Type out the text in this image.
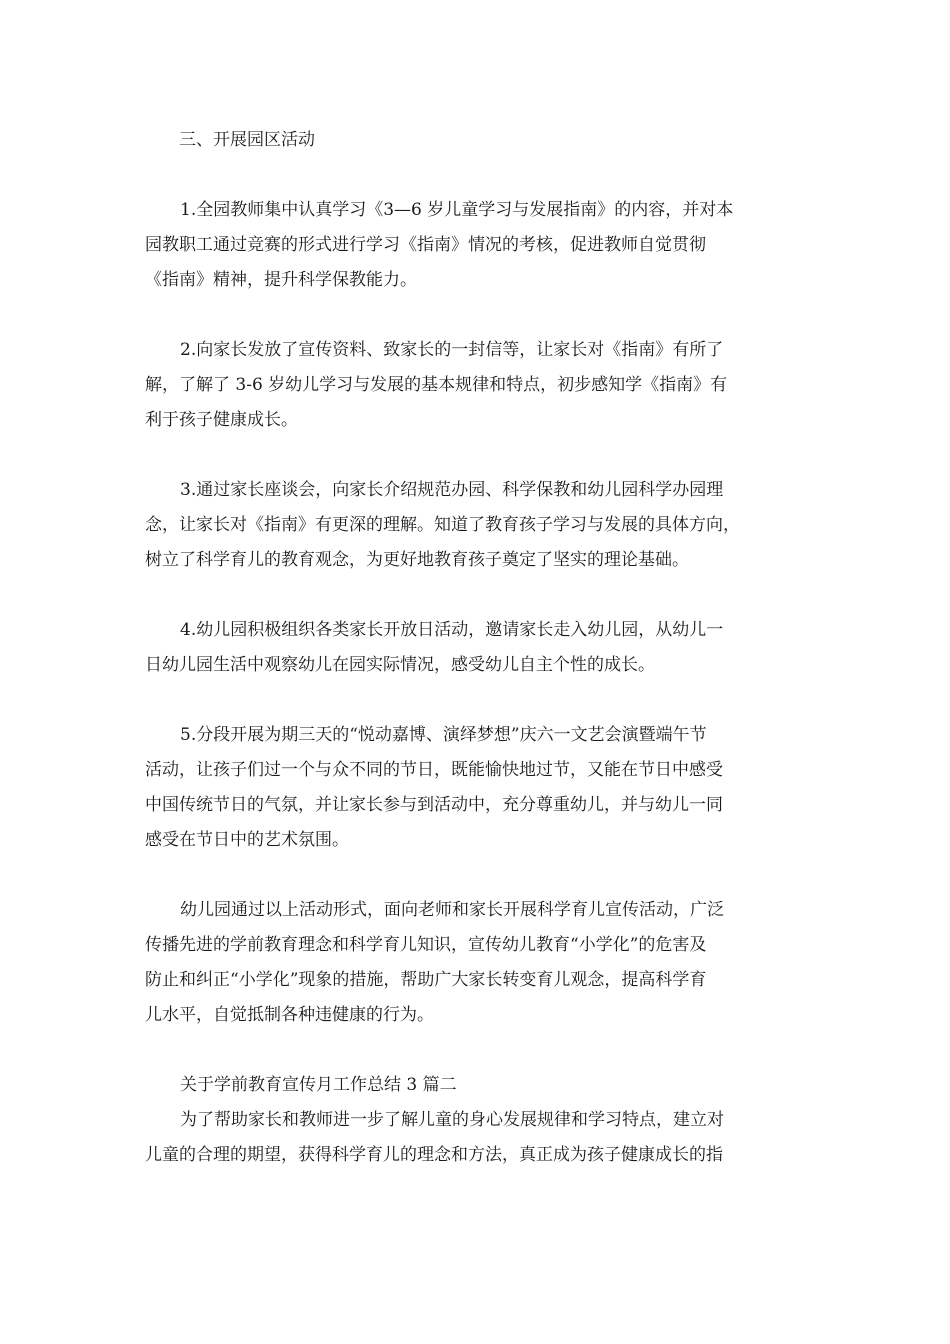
三、开展园区活动
1.全园教师集中认真学习《3—6 岁儿童学习与发展指南》的内容，并对本
园教职工通过竞赛的形式进行学习《指南》情况的考核，促进教师自觉贯彻
《指南》精神，提升科学保教能力。
2.向家长发放了宣传资料、致家长的一封信等，让家长对《指南》有所了
解，了解了 3-6 岁幼儿学习与发展的基本规律和特点，初步感知学《指南》有
利于孩子健康成长。
3.通过家长座谈会，向家长介绍规范办园、科学保教和幼儿园科学办园理
念，让家长对《指南》有更深的理解。知道了教育孩子学习与发展的具体方向，
树立了科学育儿的教育观念，为更好地教育孩子奠定了坚实的理论基础。
4.幼儿园积极组织各类家长开放日活动，邀请家长走入幼儿园，从幼儿一
日幼儿园生活中观察幼儿在园实际情况，感受幼儿自主个性的成长。
5.分段开展为期三天的“悦动嘉博、演绎梦想”庆六一文艺会演暨端午节
活动，让孩子们过一个与众不同的节日，既能愉快地过节，又能在节日中感受
中国传统节日的气氛，并让家长参与到活动中，充分尊重幼儿，并与幼儿一同
感受在节日中的艺术氛围。
幼儿园通过以上活动形式，面向老师和家长开展科学育儿宣传活动，广泛
传播先进的学前教育理念和科学育儿知识，宣传幼儿教育“小学化”的危害及
防止和纠正“小学化”现象的措施，帮助广大家长转变育儿观念，提高科学育
儿水平，自觉抵制各种违健康的行为。
关于学前教育宣传月工作总结 3 篇二
为了帮助家长和教师进一步了解儿童的身心发展规律和学习特点，建立对
儿童的合理的期望，获得科学育儿的理念和方法，真正成为孩子健康成长的指
